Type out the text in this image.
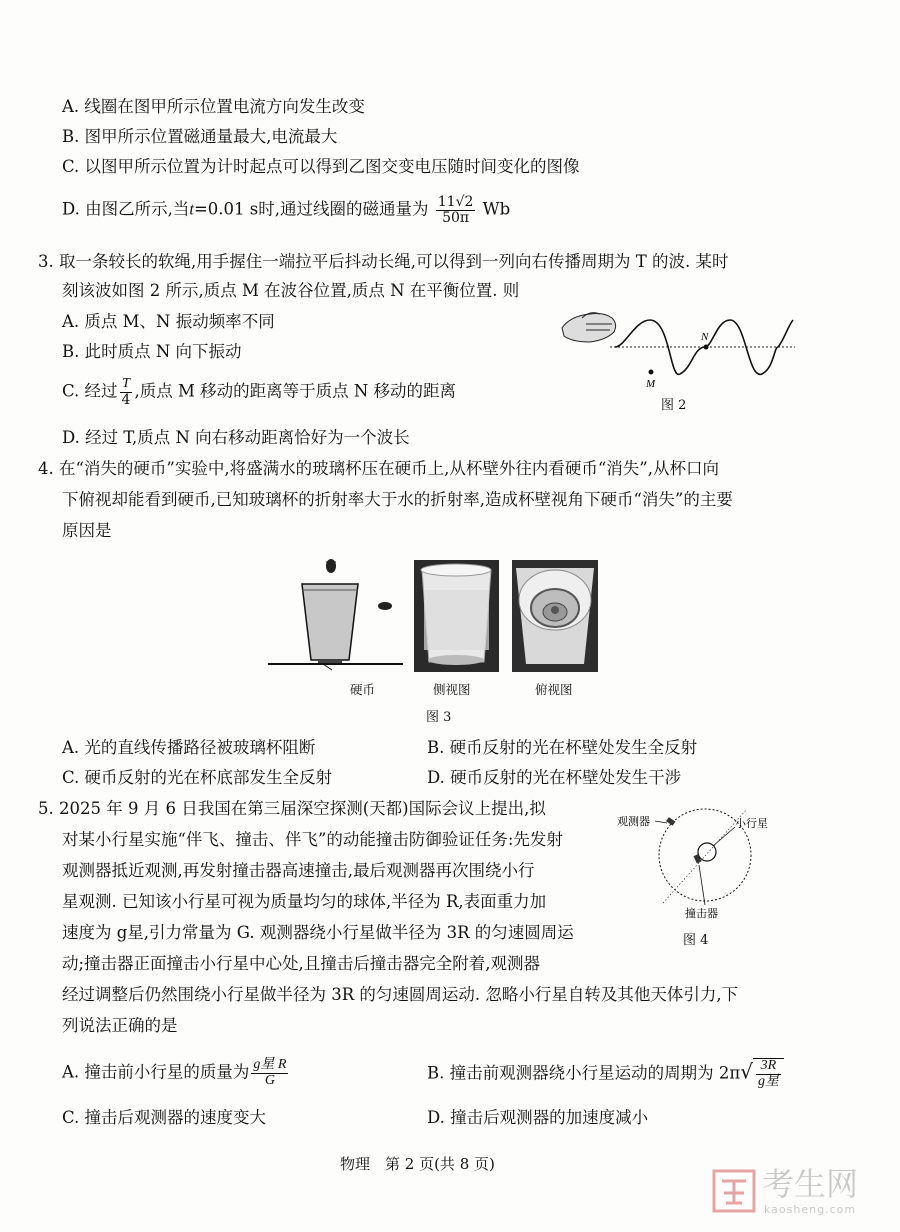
A. 线圈在图甲所示位置电流方向发生改变
B. 图甲所示位置磁通量最大,电流最大
C. 以图甲所示位置为计时起点可以得到乙图交变电压随时间变化的图像
D. 由图乙所示,当t=0.01 s时,通过线圈的磁通量为 $\frac{11√2}{50\pi}$ Wb
3. 取一条较长的软绳,用手握住一端拉平后抖动长绳,可以得到一列向右传播周期为 T 的波. 某时
刻该波如图 2 所示,质点 M 在波谷位置,质点 N 在平衡位置. 则
A. 质点 M、N 振动频率不同
B. 此时质点 N 向下振动
C. 经过 $\frac{T}{4}$ ,质点 M 移动的距离等于质点 N 移动的距离
D. 经过 T,质点 N 向右移动距离恰好为一个波长
M
N
图 2
4. 在“消失的硬币”实验中,将盛满水的玻璃杯压在硬币上,从杯壁外往内看硬币“消失”,从杯口向
下俯视却能看到硬币,已知玻璃杯的折射率大于水的折射率,造成杯壁视角下硬币“消失”的主要
原因是
硬币	侧视图	俯视图
图 3
A. 光的直线传播路径被玻璃杯阻断	B. 硬币反射的光在杯壁处发生全反射
C. 硬币反射的光在杯底部发生全反射	D. 硬币反射的光在杯壁处发生干涉
5. 2025 年 9 月 6 日我国在第三届深空探测(天都)国际会议上提出,拟
对某小行星实施“伴飞、撞击、伴飞”的动能撞击防御验证任务:先发射
观测器抵近观测,再发射撞击器高速撞击,最后观测器再次围绕小行
星观测. 已知该小行星可视为质量均匀的球体,半径为 R,表面重力加
速度为 g星,引力常量为 G. 观测器绕小行星做半径为 3R 的匀速圆周运
动;撞击器正面撞击小行星中心处,且撞击后撞击器完全附着,观测器
经过调整后仍然围绕小行星做半径为 3R 的匀速圆周运动. 忽略小行星自转及其他天体引力,下
列说法正确的是
观测器	小行星
撞击器
图 4
A. 撞击前小行星的质量为 $\frac{\text{g星 R}}{G}$	B. 撞击前观测器绕小行星运动的周期为 $2\pi√ \frac{3R}{\text{g星}}$
C. 撞击后观测器的速度变大	D. 撞击后观测器的加速度减小
物理　第 2 页(共 8 页)
考生网
kaosheng.com
